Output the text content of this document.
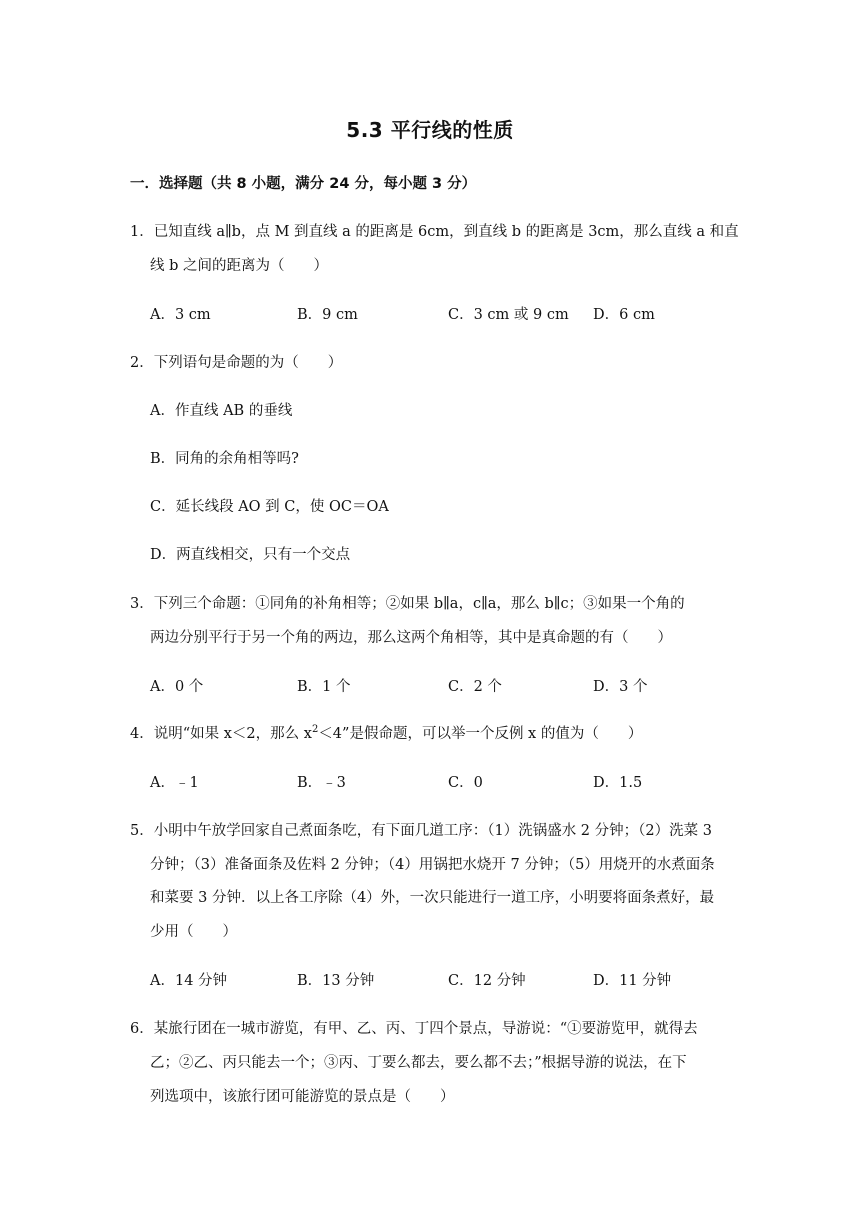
5.3 平行线的性质
一．选择题（共 8 小题，满分 24 分，每小题 3 分）
1．已知直线 a∥b，点 M 到直线 a 的距离是 6cm，到直线 b 的距离是 3cm，那么直线 a 和直
线 b 之间的距离为（　　）
A．3 cm	B．9 cm	C．3 cm 或 9 cm D．6 cm
2．下列语句是命题的为（　　）
A．作直线 AB 的垂线
B．同角的余角相等吗?
C．延长线段 AO 到 C，使 OC＝OA
D．两直线相交，只有一个交点
3．下列三个命题：①同角的补角相等；②如果 b∥a，c∥a，那么 b∥c；③如果一个角的
两边分别平行于另一个角的两边，那么这两个角相等，其中是真命题的有（　　）
A．0 个	B．1 个	C．2 个	D．3 个
4．说明“如果 x＜2，那么 $x^2<4$”是假命题，可以举一个反例 x 的值为（　　）
A．﹣1	B．﹣3	C．0	D．1.5
5．小明中午放学回家自己煮面条吃，有下面几道工序：（1）洗锅盛水 2 分钟；（2）洗菜 3
分钟；（3）准备面条及佐料 2 分钟；（4）用锅把水烧开 7 分钟；（5）用烧开的水煮面条
和菜要 3 分钟．以上各工序除（4）外，一次只能进行一道工序，小明要将面条煮好，最
少用（　　）
A．14 分钟	B．13 分钟	C．12 分钟	D．11 分钟
6．某旅行团在一城市游览，有甲、乙、丙、丁四个景点，导游说：“①要游览甲，就得去
乙；②乙、丙只能去一个；③丙、丁要么都去，要么都不去；”根据导游的说法，在下
列选项中，该旅行团可能游览的景点是（　　）
